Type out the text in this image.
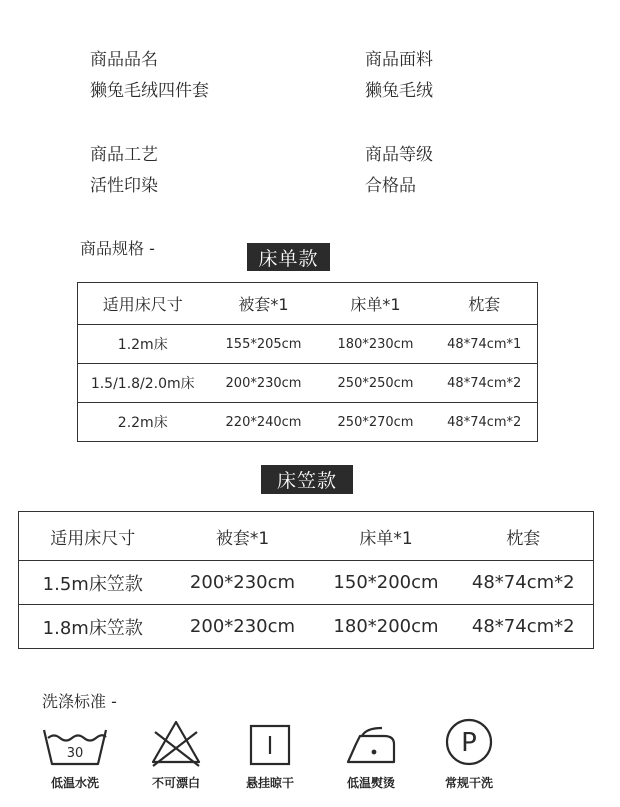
商品品名
獭兔毛绒四件套
商品面料
獭兔毛绒
商品工艺
活性印染
商品等级
合格品
商品规格 -	床单款
适用床尺寸	被套*1	床单*1	枕套
1.2m床	155*205cm	180*230cm	48*74cm*1
1.5/1.8/2.0m床	200*230cm	250*250cm	48*74cm*2
2.2m床	220*240cm	250*270cm	48*74cm*2
床笠款
适用床尺寸	被套*1	床单*1	枕套
1.5m床笠款	200*230cm	150*200cm	48*74cm*2
1.8m床笠款	200*230cm	180*200cm	48*74cm*2
洗涤标准 -
30
低温水洗	不可漂白	悬挂晾干	低温熨烫
P
常规干洗
